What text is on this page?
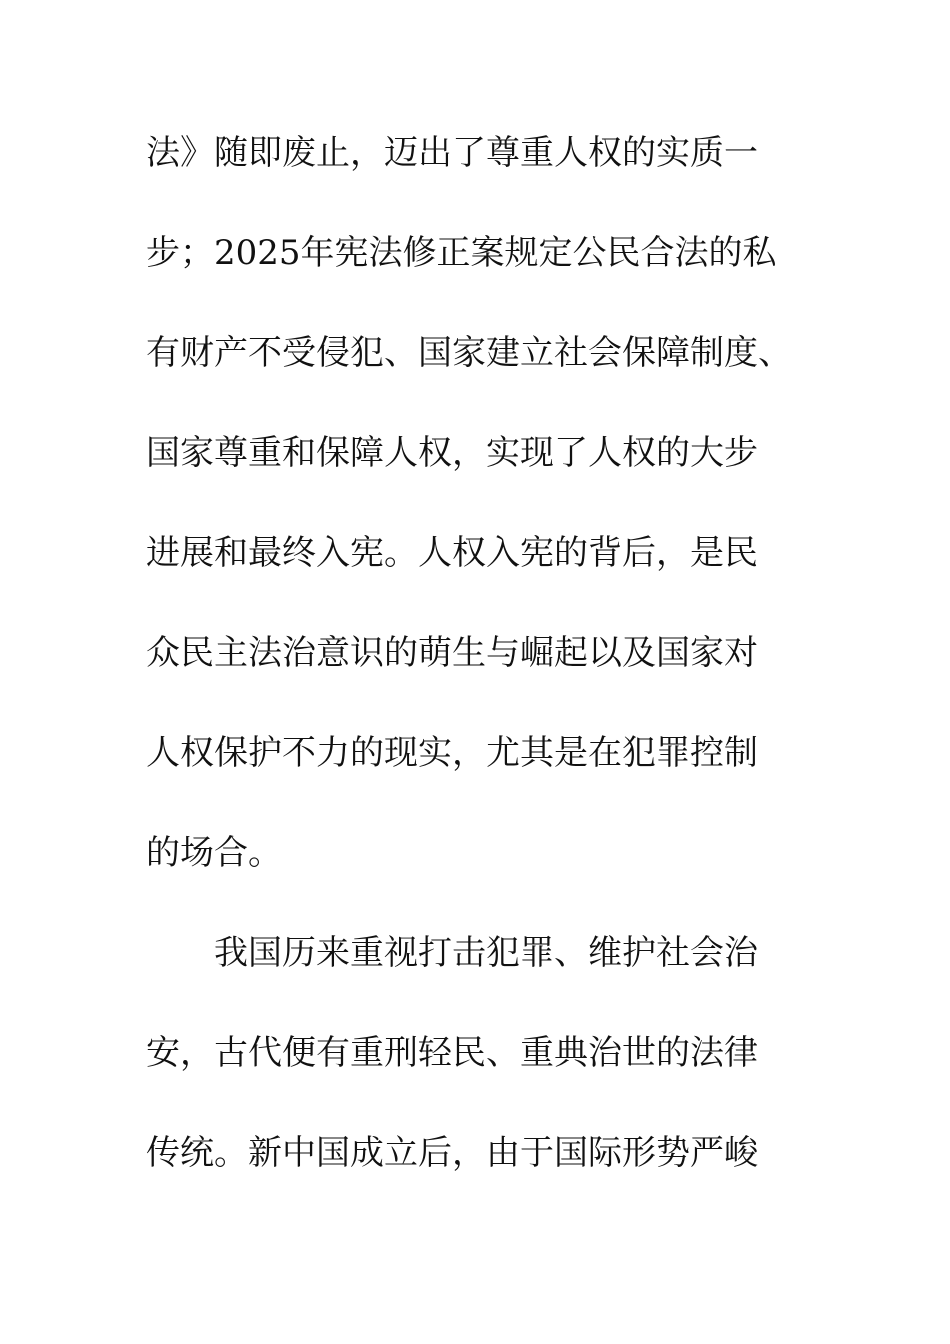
法》随即废止，迈出了尊重人权的实质一
步；2025年宪法修正案规定公民合法的私
有财产不受侵犯、国家建立社会保障制度、
国家尊重和保障人权，实现了人权的大步
进展和最终入宪。人权入宪的背后，是民
众民主法治意识的萌生与崛起以及国家对
人权保护不力的现实，尤其是在犯罪控制
的场合。
我国历来重视打击犯罪、维护社会治
安，古代便有重刑轻民、重典治世的法律
传统。新中国成立后，由于国际形势严峻
